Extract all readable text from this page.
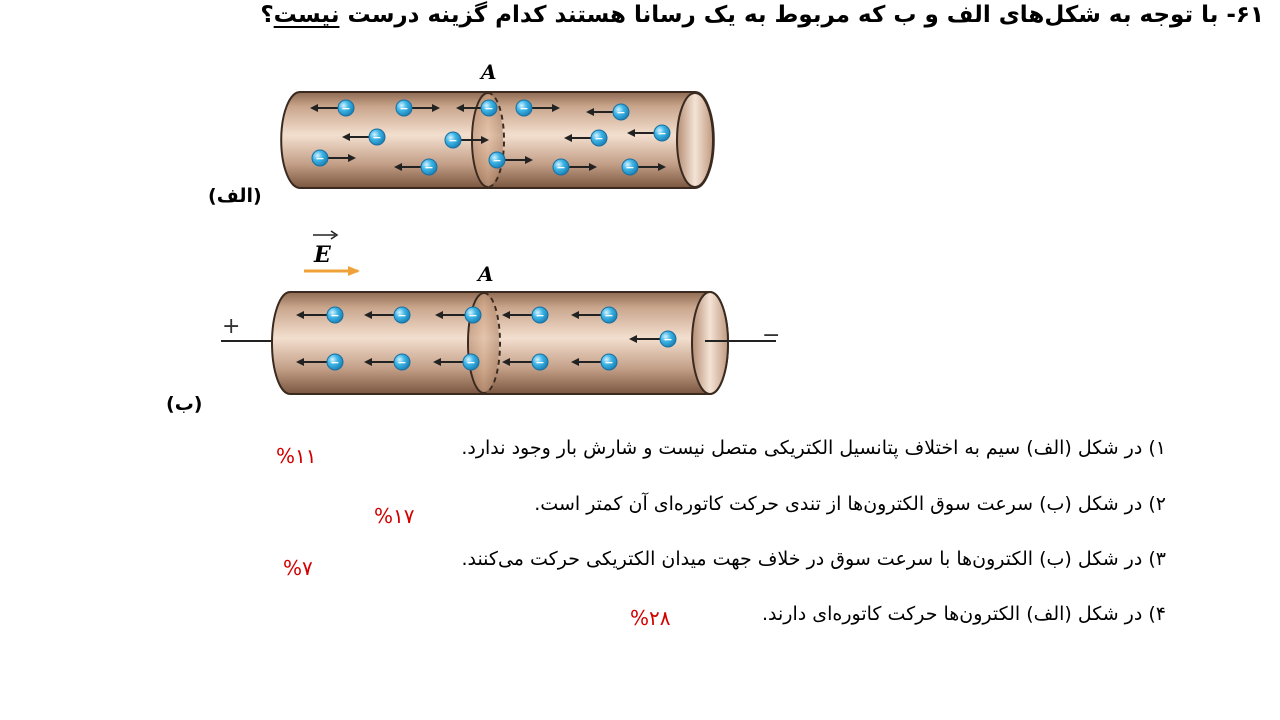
۶۱- با توجه به شکل‌های الف و ب که مربوط به یک رسانا هستند کدام گزینه درست نیست؟
A
(الف)
−	−	− −	−
−	−	−	−
−
−
−
−	−
E
+	−
A
(ب)
−	−	−	−	−
−
−	−	−	−	−
۱) در شکل (الف) سیم به اختلاف پتانسیل الکتریکی متصل نیست و شارش بار وجود ندارد.
%۱۱
۲) در شکل (ب) سرعت سوق الکترون‌ها از تندی حرکت کاتوره‌ای آن کمتر است.
%۱۷
۳) در شکل (ب) الکترون‌ها با سرعت سوق در خلاف جهت میدان الکتریکی حرکت می‌کنند.
%۷
۴) در شکل (الف) الکترون‌ها حرکت کاتوره‌ای دارند.
%۲۸
